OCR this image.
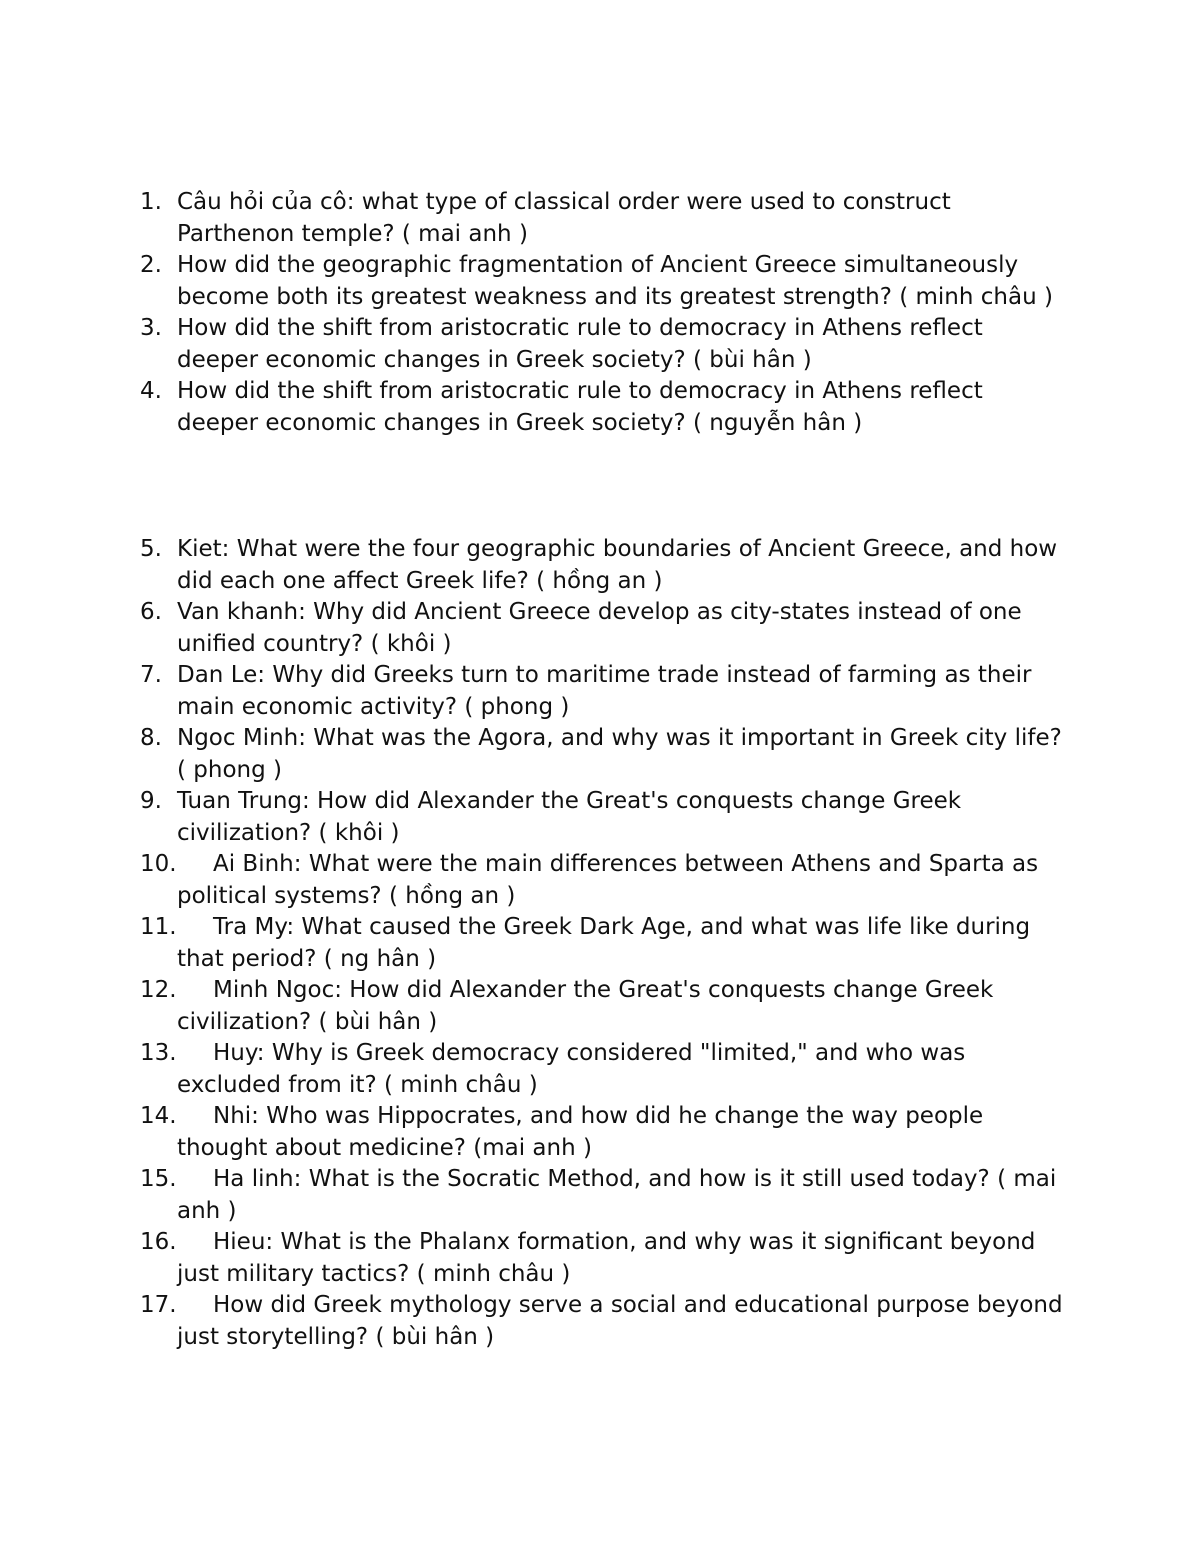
1. Câu hỏi của cô: what type of classical order were used to construct Parthenon temple? ( mai anh )
2. How did the geographic fragmentation of Ancient Greece simultaneously become both its greatest weakness and its greatest strength? ( minh châu )
3. How did the shift from aristocratic rule to democracy in Athens reflect deeper economic changes in Greek society? ( bùi hân )
4. How did the shift from aristocratic rule to democracy in Athens reflect deeper economic changes in Greek society? ( nguyễn hân )
5. Kiet: What were the four geographic boundaries of Ancient Greece, and how did each one affect Greek life? ( hồng an )
6. Van khanh: Why did Ancient Greece develop as city-states instead of one unified country? ( khôi )
7. Dan Le: Why did Greeks turn to maritime trade instead of farming as their main economic activity? ( phong )
8. Ngoc Minh: What was the Agora, and why was it important in Greek city life? ( phong )
9. Tuan Trung: How did Alexander the Great's conquests change Greek civilization? ( khôi )
10.	Ai Binh: What were the main differences between Athens and Sparta as political systems? ( hồng an )
11.	Tra My: What caused the Greek Dark Age, and what was life like during that period? ( ng hân )
12.	Minh Ngoc: How did Alexander the Great's conquests change Greek civilization? ( bùi hân )
13.	Huy: Why is Greek democracy considered "limited," and who was excluded from it? ( minh châu )
14.	Nhi: Who was Hippocrates, and how did he change the way people thought about medicine? (mai anh )
15.	Ha linh: What is the Socratic Method, and how is it still used today? ( mai anh )
16.	Hieu: What is the Phalanx formation, and why was it significant beyond just military tactics? ( minh châu )
17.	How did Greek mythology serve a social and educational purpose beyond just storytelling? ( bùi hân )
